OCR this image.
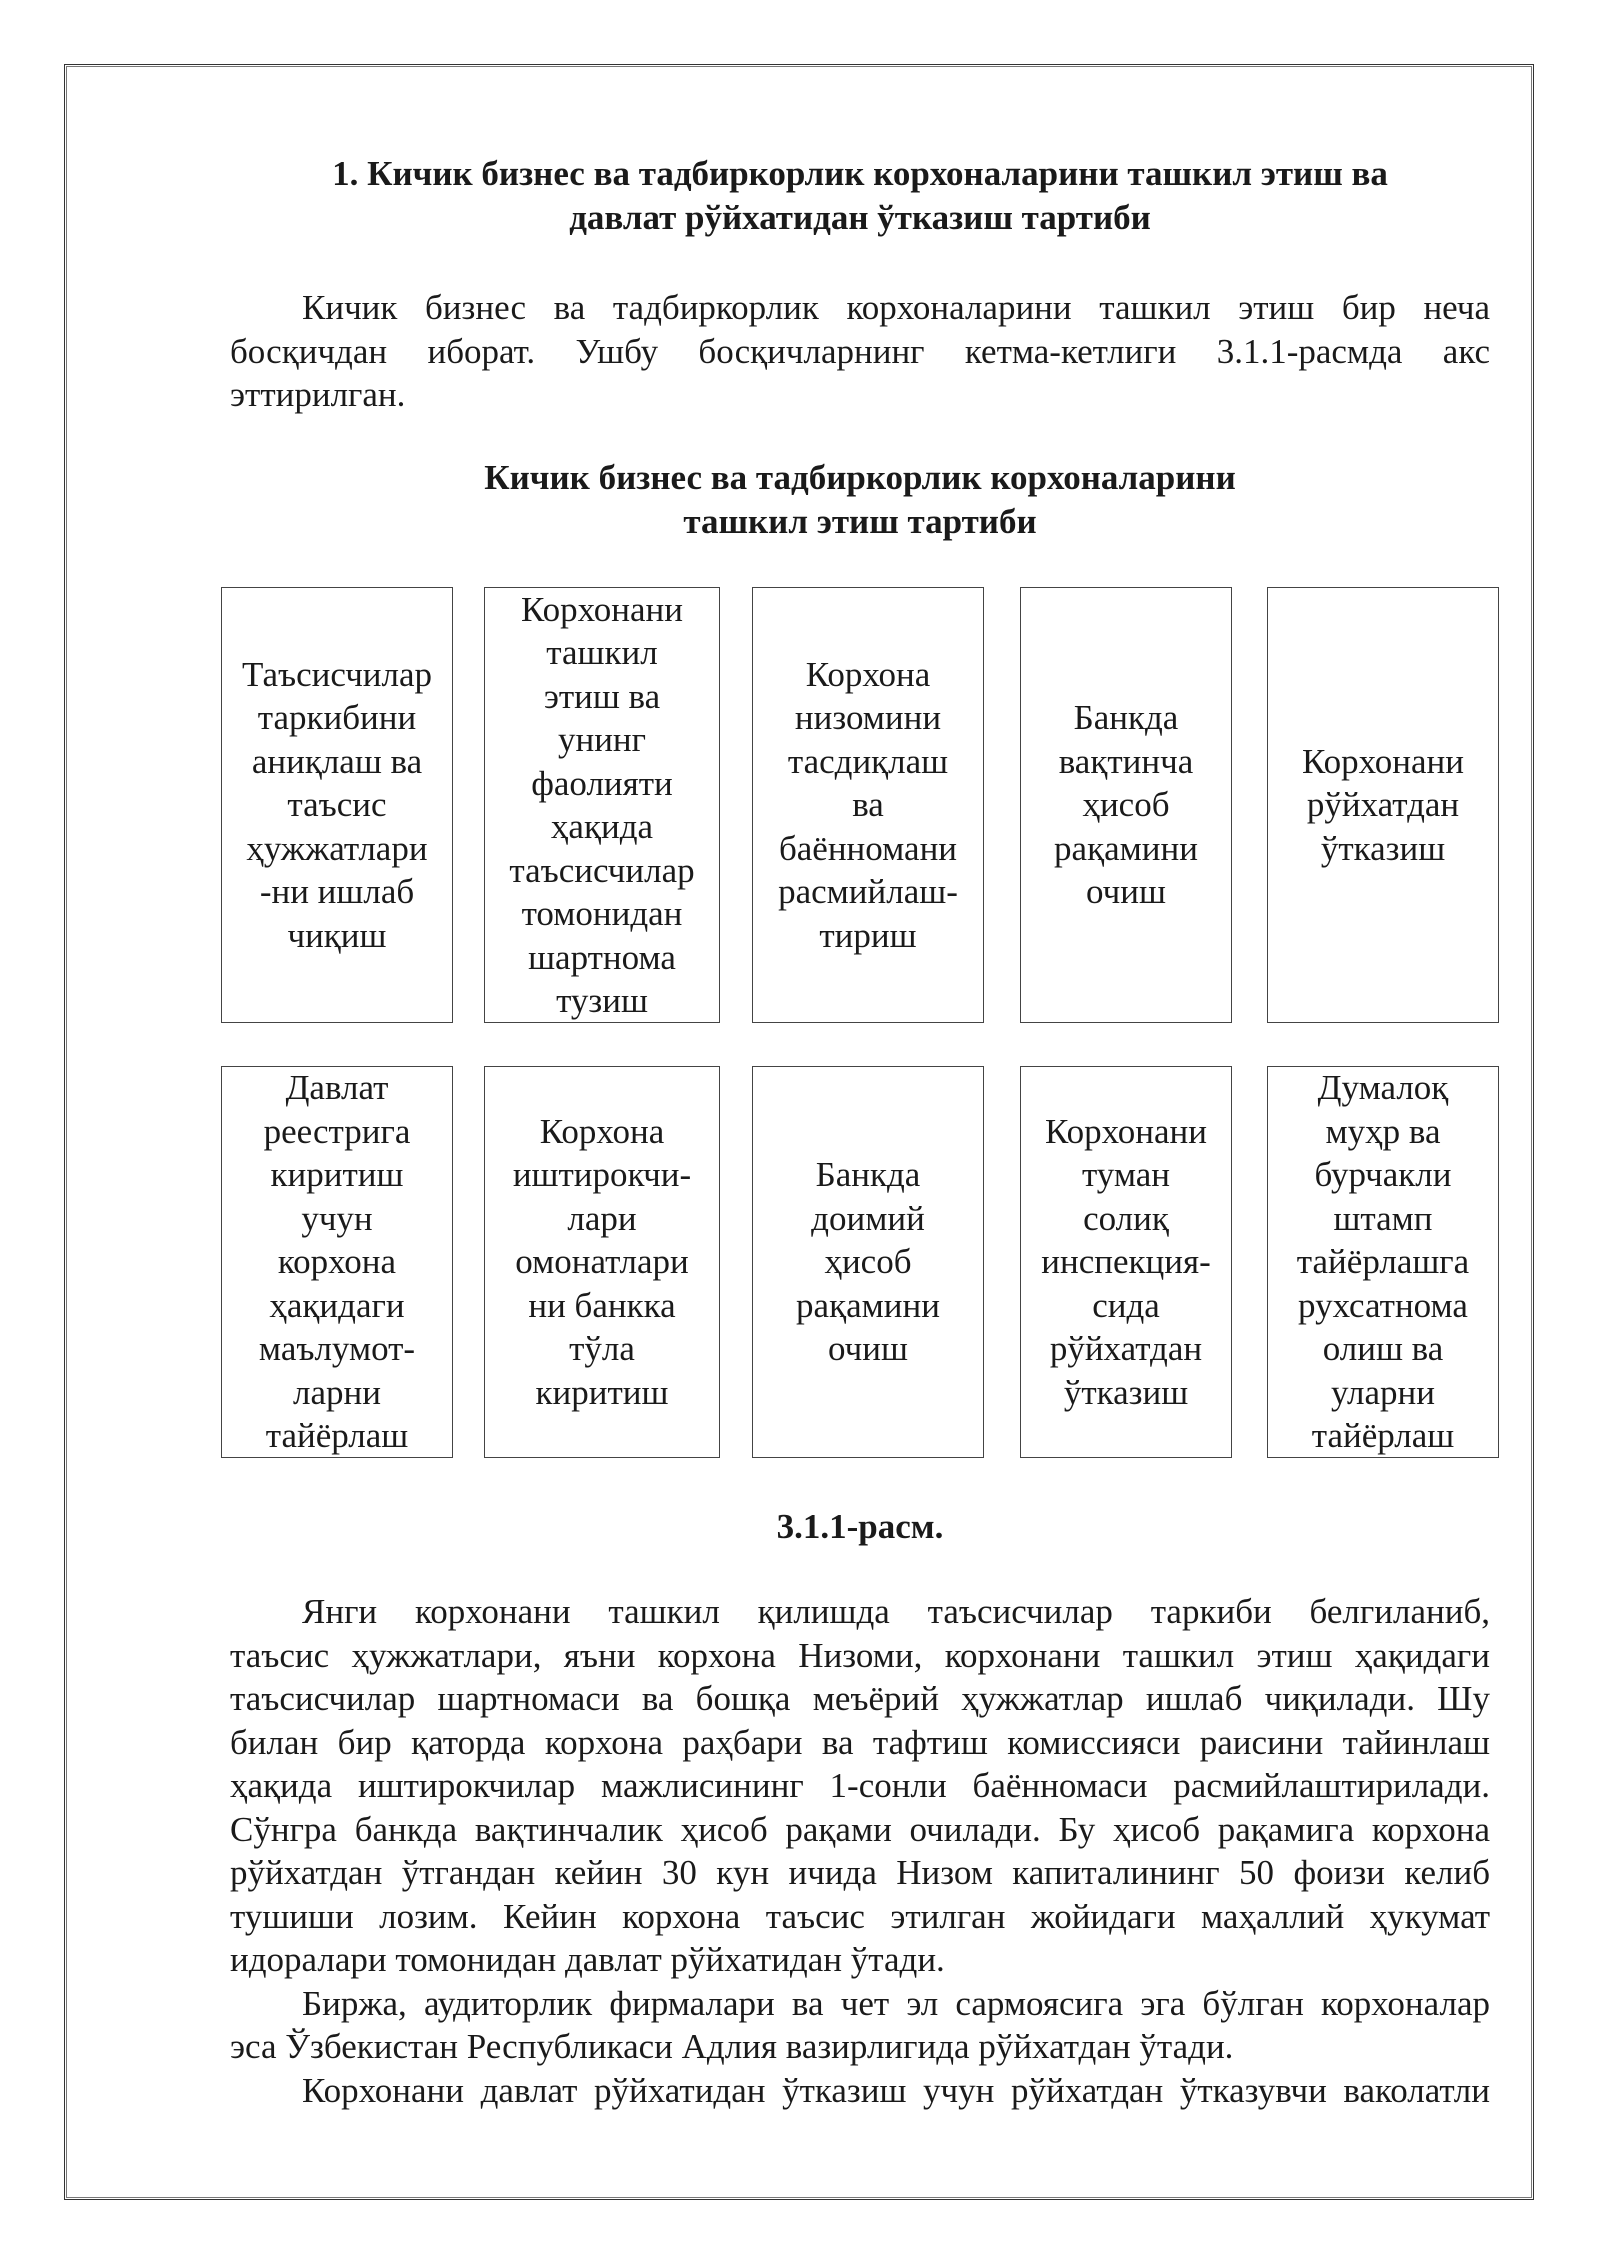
1. Кичик бизнес ва тадбиркорлик корхоналарини ташкил этиш ва
давлат рўйхатидан ўтказиш тартиби
Кичик бизнес ва тадбиркорлик корхоналарини ташкил этиш бир неча
босқичдан иборат. Ушбу босқичларнинг кетма-кетлиги 3.1.1-расмда акс
эттирилган.
Кичик бизнес ва тадбиркорлик корхоналарини
ташкил этиш тартиби
Таъсисчилар
таркибини
аниқлаш ва
таъсис
ҳужжатлари
-ни ишлаб
чиқиш
Корхонани
ташкил
этиш ва
унинг
фаолияти
ҳақида
таъсисчилар
томонидан
шартнома
тузиш
Корхона
низомини
тасдиқлаш
ва
баённомани
расмийлаш-
тириш
Банкда
вақтинча
ҳисоб
рақамини
очиш
Корхонани
рўйхатдан
ўтказиш
Давлат
реестрига
киритиш
учун
корхона
ҳақидаги
маълумот-
ларни
тайёрлаш
Корхона
иштирокчи-
лари
омонатлари
ни банкка
тўла
киритиш
Банкда
доимий
ҳисоб
рақамини
очиш
Корхонани
туман
солиқ
инспекция-
сида
рўйхатдан
ўтказиш
Думалоқ
муҳр ва
бурчакли
штамп
тайёрлашга
рухсатнома
олиш ва
уларни
тайёрлаш
3.1.1-расм.
Янги корхонани ташкил қилишда таъсисчилар таркиби белгиланиб,
таъсис ҳужжатлари, яъни корхона Низоми, корхонани ташкил этиш ҳақидаги
таъсисчилар шартномаси ва бошқа меъёрий ҳужжатлар ишлаб чиқилади. Шу
билан бир қаторда корхона раҳбари ва тафтиш комиссияси раисини тайинлаш
ҳақида иштирокчилар мажлисининг 1-сонли баённомаси расмийлаштирилади.
Сўнгра банкда вақтинчалик ҳисоб рақами очилади. Бу ҳисоб рақамига корхона
рўйхатдан ўтгандан кейин 30 кун ичида Низом капиталининг 50 фоизи келиб
тушиши лозим. Кейин корхона таъсис этилган жойидаги маҳаллий ҳукумат
идоралари томонидан давлат рўйхатидан ўтади.
Биржа, аудиторлик фирмалари ва чет эл сармоясига эга бўлган корхоналар
эса Ўзбекистан Республикаси Адлия вазирлигида рўйхатдан ўтади.
Корхонани давлат рўйхатидан ўтказиш учун рўйхатдан ўтказувчи ваколатли
